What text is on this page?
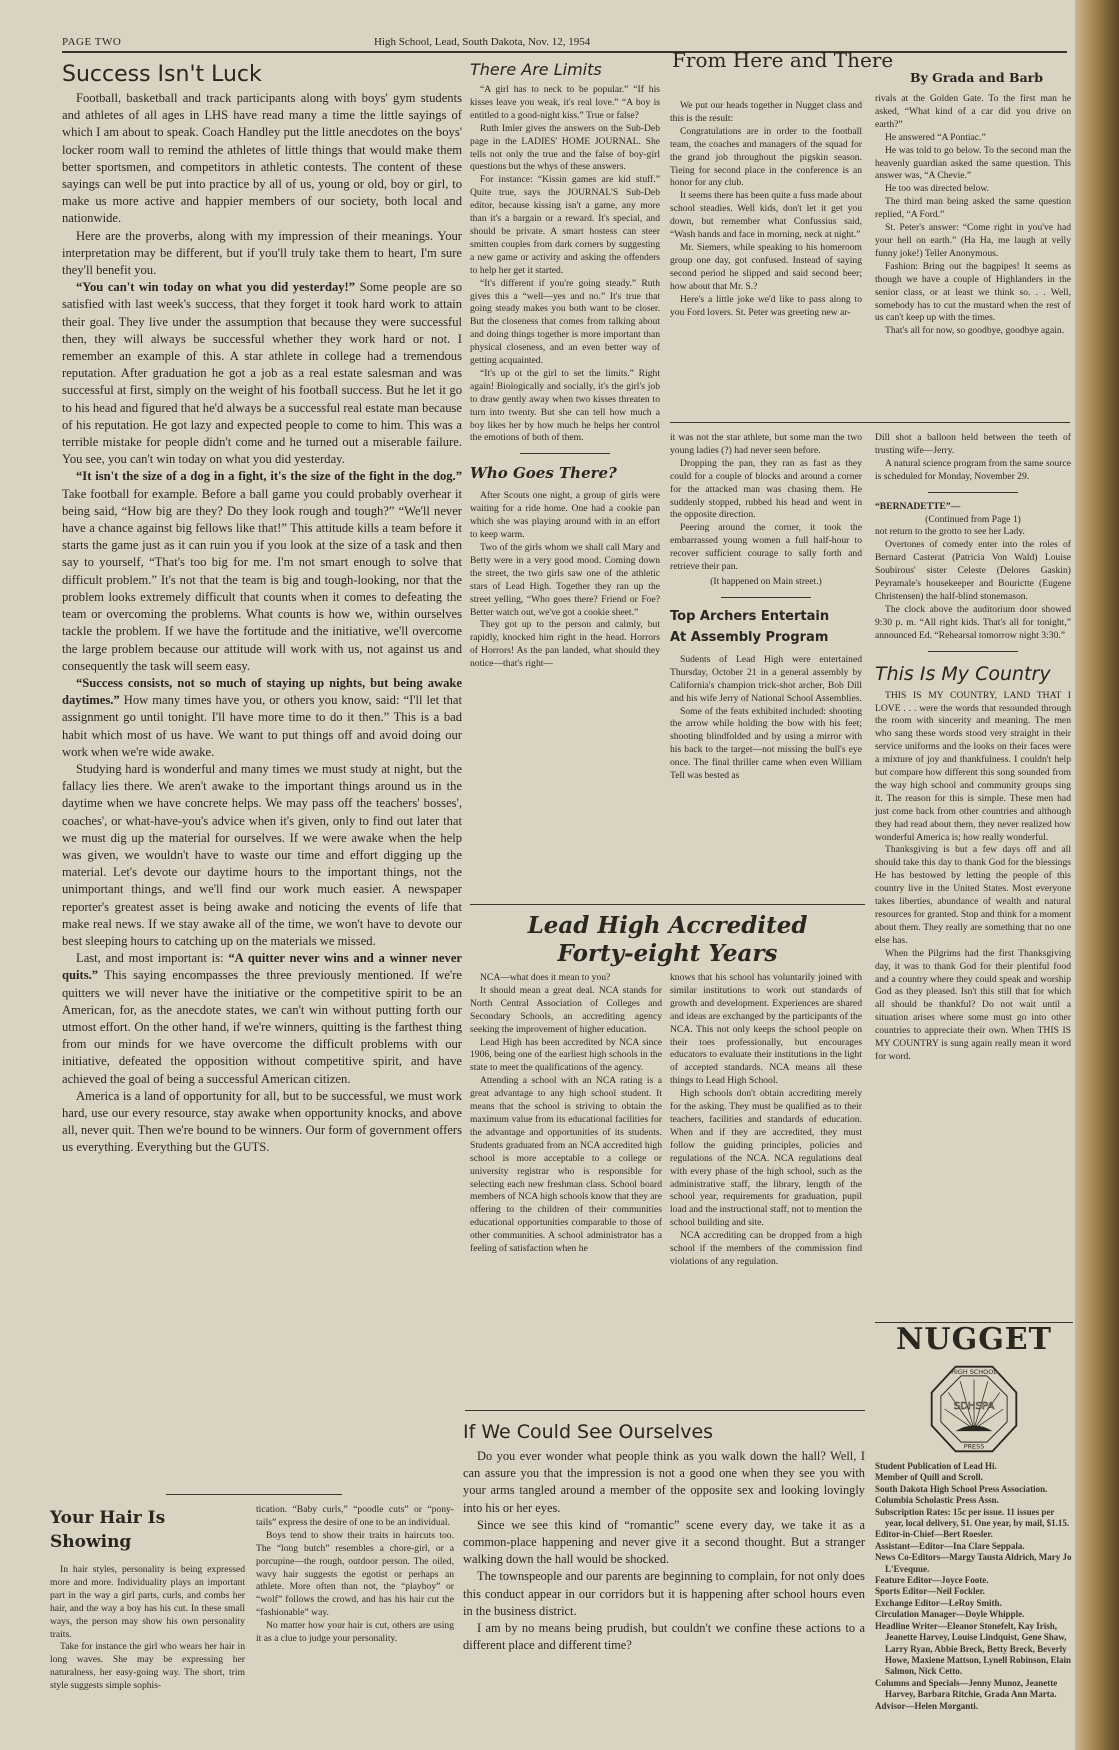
PAGE TWO	High School, Lead, South Dakota, Nov. 12, 1954
Success Isn't Luck

Football, basketball and track participants along with boys' gym students and athletes of all ages in LHS have read many a time the little sayings of which I am about to speak. Coach Handley put the little anecdotes on the boys' locker room wall to remind the athletes of little things that would make them better sportsmen, and competitors in athletic contests. The content of these sayings can well be put into practice by all of us, young or old, boy or girl, to make us more active and happier members of our society, both local and nationwide.

Here are the proverbs, along with my impression of their meanings. Your interpretation may be different, but if you'll truly take them to heart, I'm sure they'll benefit you.

“You can't win today on what you did yesterday!” Some people are so satisfied with last week's success, that they forget it took hard work to attain their goal. They live under the assumption that because they were successful then, they will always be successful whether they work hard or not. I remember an example of this. A star athlete in college had a tremendous reputation. After graduation he got a job as a real estate salesman and was successful at first, simply on the weight of his football success. But he let it go to his head and figured that he'd always be a successful real estate man because of his reputation. He got lazy and expected people to come to him. This was a terrible mistake for people didn't come and he turned out a miserable failure. You see, you can't win today on what you did yesterday.

“It isn't the size of a dog in a fight, it's the size of the fight in the dog.” Take football for example. Before a ball game you could probably overhear it being said, “How big are they? Do they look rough and tough?” “We'll never have a chance against big fellows like that!” This attitude kills a team before it starts the game just as it can ruin you if you look at the size of a task and then say to yourself, “That's too big for me. I'm not smart enough to solve that difficult problem.” It's not that the team is big and tough-looking, nor that the problem looks extremely difficult that counts when it comes to defeating the team or overcoming the problems. What counts is how we, within ourselves tackle the problem. If we have the fortitude and the initiative, we'll overcome the large problem because our attitude will work with us, not against us and consequently the task will seem easy.

“Success consists, not so much of staying up nights, but being awake daytimes.” How many times have you, or others you know, said: “I'll let that assignment go until tonight. I'll have more time to do it then.” This is a bad habit which most of us have. We want to put things off and avoid doing our work when we're wide awake.

Studying hard is wonderful and many times we must study at night, but the fallacy lies there. We aren't awake to the important things around us in the daytime when we have concrete helps. We may pass off the teachers' bosses', coaches', or what-have-you's advice when it's given, only to find out later that we must dig up the material for ourselves. If we were awake when the help was given, we wouldn't have to waste our time and effort digging up the material. Let's devote our daytime hours to the important things, not the unimportant things, and we'll find our work much easier. A newspaper reporter's greatest asset is being awake and noticing the events of life that make real news. If we stay awake all of the time, we won't have to devote our best sleeping hours to catching up on the materials we missed.

Last, and most important is: “A quitter never wins and a winner never quits.” This saying encompasses the three previously mentioned. If we're quitters we will never have the initiative or the competitive spirit to be an American, for, as the anecdote states, we can't win without putting forth our utmost effort. On the other hand, if we're winners, quitting is the farthest thing from our minds for we have overcome the difficult problems with our initiative, defeated the opposition without competitive spirit, and have achieved the goal of being a successful American citizen.

America is a land of opportunity for all, but to be successful, we must work hard, use our every resource, stay awake when opportunity knocks, and above all, never quit. Then we're bound to be winners. Our form of government offers us everything. Everything but the GUTS.

Your Hair Is Showing

In hair styles, personality is being expressed more and more. Individuality plays an important part in the way a girl parts, curls, and combs her hair, and the way a boy has his cut. In these small ways, the person may show his own personality traits.

Take for instance the girl who wears her hair in long waves. She may be expressing her naturalness, her easy-going way. The short, trim style suggests simple sophis-

tication. “Baby curls,” “poodle cuts” or “pony-tails” express the desire of one to be an individual.

Boys tend to show their traits in haircuts too. The “long butch” resembles a chore-girl, or a porcupine—the rough, outdoor person. The oiled, wavy hair suggests the egotist or perhaps an athlete. More often than not, the “playboy” or “wolf” follows the crowd, and has his hair cut the “fashionable” way.

No matter how your hair is cut, others are using it as a clue to judge your personality.

There Are Limits

“A girl has to neck to be popular.” “If his kisses leave you weak, it's real love.” “A boy is entitled to a good-night kiss.” True or false?

Ruth Imler gives the answers on the Sub-Deb page in the LADIES' HOME JOURNAL. She tells not only the true and the false of boy-girl questions but the whys of these answers.

For instance: “Kissin games are kid stuff.” Quite true, says the JOURNAL'S Sub-Deb editor, because kissing isn't a game, any more than it's a bargain or a reward. It's special, and should be private. A smart hostess can steer smitten couples from dark corners by suggesting a new game or activity and asking the offenders to help her get it started.

“It's different if you're going steady.” Ruth gives this a “well—yes and no.” It's true that going steady makes you both want to be closer. But the closeness that comes from talking about and doing things together is more important than physical closeness, and an even better way of getting acquainted.

“It's up ot the girl to set the limits.” Right again! Biologically and socially, it's the girl's job to draw gently away when two kisses threaten to turn into twenty. But she can tell how much a boy likes her by how much he helps her control the emotions of both of them.

Who Goes There?

After Scouts one night, a group of girls were waiting for a ride home. One had a cookie pan which she was playing around with in an effort to keep warm.

Two of the girls whom we shall call Mary and Betty were in a very good mood. Coming down the street, the two girls saw one of the athletic stars of Lead High. Together they ran up the street yelling, “Who goes there? Friend or Foe? Better watch out, we've got a cookie sheet.”

They got up to the person and calmly, but rapidly, knocked him right in the head. Horrors of Horrors! As the pan landed, what should they notice—that's right—

From Here and There
By Grada and Barb

We put our heads together in Nugget class and this is the result:

Congratulations are in order to the football team, the coaches and managers of the squad for the grand job throughout the pigskin season. Tieing for second place in the conference is an honor for any club.

It seems there has been quite a fuss made about school steadies. Well kids, don't let it get you down, but remember what Confussius said, “Wash hands and face in morning, neck at night.”

Mr. Siemers, while speaking to his homeroom group one day, got confused. Instead of saying second period he slipped and said second beer; how about that Mr. S.?

Here's a little joke we'd like to pass along to you Ford lovers. St. Peter was greeting new ar-

rivals at the Golden Gate. To the first man he asked, “What kind of a car did you drive on earth?”

He answered “A Pontiac.”

He was told to go below. To the second man the heavenly guardian asked the same question. This answer was, “A Chevie.”

He too was directed below.

The third man being asked the same question replied, “A Ford.”

St. Peter's answer: “Come right in you've had your hell on earth.” (Ha Ha, me laugh at velly funny joke!) Teller Anonymous.

Fashion: Bring out the bagpipes! It seems as though we have a couple of Highlanders in the senior class, or at least we think so. . . Well, somebody has to cut the mustard when the rest of us can't keep up with the times.

That's all for now, so goodbye, goodbye again.

it was not the star athlete, but some man the two young ladies (?) had never seen before.

Dropping the pan, they ran as fast as they could for a couple of blocks and around a corner for the attacked man was chasing them. He suddenly stopped, rubbed his head and went in the opposite direction.

Peering around the corner, it took the embarrassed young women a full half-hour to recover sufficient courage to sally forth and retrieve their pan.

(It happened on Main street.)
Top Archers Entertain
At Assembly Program

Sudents of Lead High were entertained Thursday, October 21 in a general assembly by California's champion trick-shot archer, Bob Dill and his wife Jerry of National School Assemblies.

Some of the feats exhibited included: shooting the arrow while holding the bow with his feet; shooting blindfolded and by using a mirror with his back to the target—not missing the bull's eye once. The final thriller came when even William Tell was bested as

Dill shot a balloon held between the teeth of trusting wife—Jerry.

A natural science program from the same source is scheduled for Monday, November 29.

“BERNADETTE”—
(Continued from Page 1)

not return to the grotto to see her Lady.

Overtones of comedy enter into the roles of Bernard Casterat (Patricia Von Wald) Louise Soubirous' sister Celeste (Delores Gaskin) Peyramale's housekeeper and Bourictte (Eugene Christensen) the half-blind stonemason.

The clock above the auditorium door showed 9:30 p. m. “All right kids. That's all for tonight,” announced Ed. “Rehearsal tomorrow night 3:30.”

This Is My Country

THIS IS MY COUNTRY, LAND THAT I LOVE . . . were the words that resounded through the room with sincerity and meaning. The men who sang these words stood very straight in their service uniforms and the looks on their faces were a mixture of joy and thankfulness. I couldn't help but compare how different this song sounded from the way high school and community groups sing it. The reason for this is simple. These men had just come back from other countries and although they had read about them, they never realized how wonderful America is; how really wonderful.

Thanksgiving is but a few days off and all should take this day to thank God for the blessings He has bestowed by letting the people of this country live in the United States. Most everyone takes liberties, abundance of wealth and natural resources for granted. Stop and think for a moment about them. They really are something that no one else has.

When the Pilgrims had the first Thanksgiving day, it was to thank God for their plentiful food and a country where they could speak and worship God as they pleased. Isn't this still that for which all should be thankful? Do not wait until a situation arises where some must go into other countries to appreciate their own. When THIS IS MY COUNTRY is sung again really mean it word for word.

Lead High Accredited
Forty-eight Years

NCA—what does it mean to you?

It should mean a great deal. NCA stands for North Central Association of Colleges and Secondary Schools, an accrediting agency seeking the improvement of higher education.

Lead High has been accredited by NCA since 1906, being one of the earliest high schools in the state to meet the qualifications of the agency.

Attending a school with an NCA rating is a great advantage to any high school student. It means that the school is striving to obtain the maximum value from its educational facilities for the advantage and opportunities of its students. Students graduated from an NCA accredited high school is more acceptable to a college or university registrar who is responsible for selecting each new freshman class. School board members of NCA high schools know that they are offering to the children of their communities educational opportunities comparable to those of other communities. A school administrator has a feeling of satisfaction when he

knows that his school has voluntarily joined with similar institutions to work out standards of growth and development. Experiences are shared and ideas are exchanged by the participants of the NCA. This not only keeps the school people on their toes professionally, but encourages educators to evaluate their institutions in the light of accepted standards. NCA means all these things to Lead High School.

High schools don't obtain accrediting merely for the asking. They must be qualified as to their teachers, facilities and standards of education. When and if they are accredited, they must follow the guiding principles, policies and regulations of the NCA. NCA regulations deal with every phase of the high school, such as the administrative staff, the library, length of the school year, requirements for graduation, pupil load and the instructional staff, not to mention the school building and site.

NCA accrediting can be dropped from a high school if the members of the commission find violations of any regulation.

If We Could See Ourselves

Do you ever wonder what people think as you walk down the hall? Well, I can assure you that the impression is not a good one when they see you with your arms tangled around a member of the opposite sex and looking lovingly into his or her eyes.

Since we see this kind of “romantic” scene every day, we take it as a common-place happening and never give it a second thought. But a stranger walking down the hall would be shocked.

The townspeople and our parents are beginning to complain, for not only does this conduct appear in our corridors but it is happening after school hours even in the business district.

I am by no means being prudish, but couldn't we confine these actions to a different place and different time?

NUGGET
SDHSPA
HIGH SCHOOL
PRESS

Student Publication of Lead Hi.

Member of Quill and Scroll.

South Dakota High School Press Association.

Columbia Scholastic Press Assn.

Subscription Rates: 15c per issue. 11 issues per year, local delivery, $1. One year, by mail, $1.15.

Editor-in-Chief—Bert Roesler.

Assistant—Editor—Ina Clare Seppala.

News Co-Editors—Margy Tausta Aldrich, Mary Jo L'Evequue.

Feature Editor—Joyce Foote.

Sports Editor—Neil Fockler.

Exchange Editor—LeRoy Smith.

Circulation Manager—Doyle Whipple.

Headline Writer—Eleanor Stonefelt, Kay Irish, Jeanette Harvey, Louise Lindquist, Gene Shaw, Larry Ryan, Abbie Breck, Betty Breck, Beverly Howe, Maxiene Mattson, Lynell Robinson, Elain Salmon, Nick Cetto.

Columns and Specials—Jenny Munoz, Jeanette Harvey, Barbara Ritchie, Grada Ann Marta.

Advisor—Helen Morganti.
